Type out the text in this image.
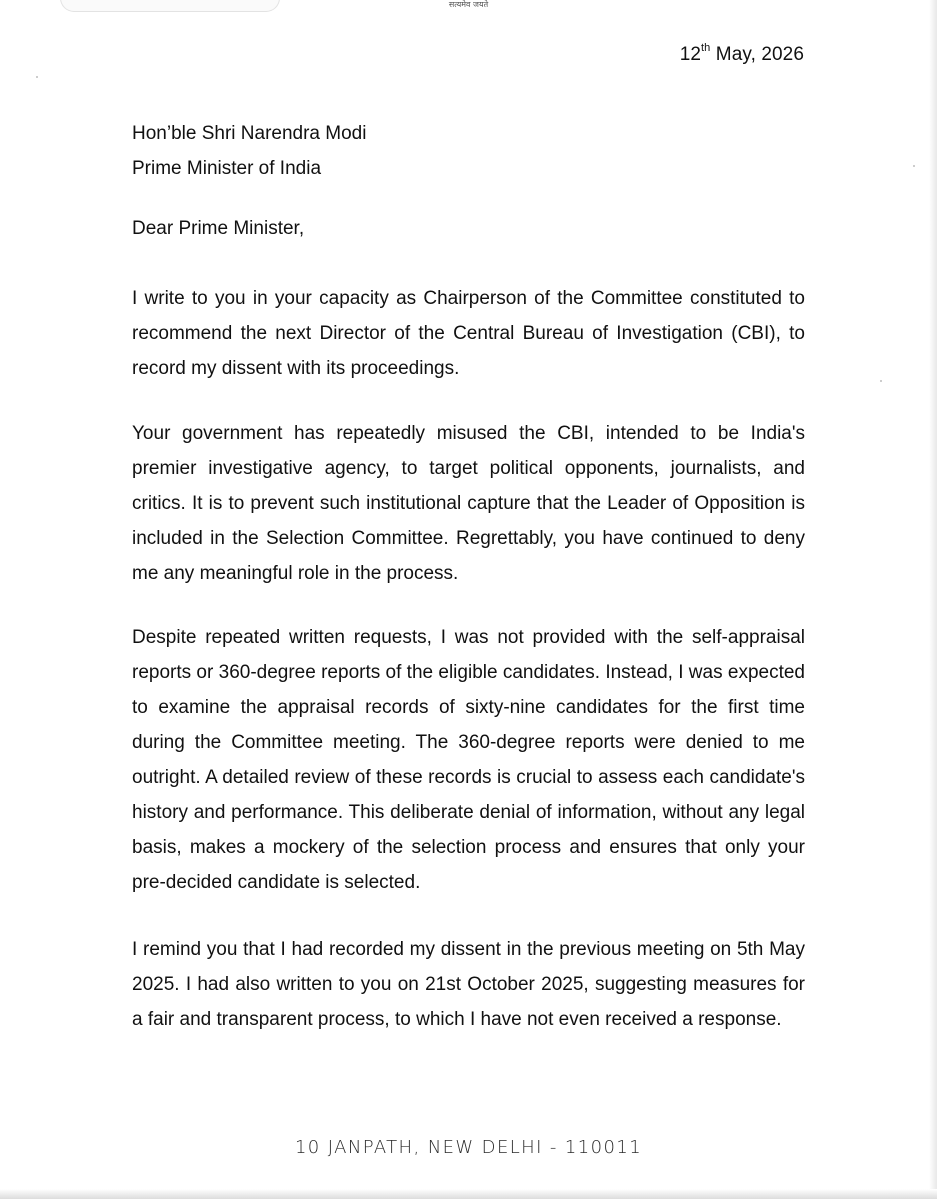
सत्यमेव जयते
12th May, 2026
Hon’ble Shri Narendra Modi
Prime Minister of India
Dear Prime Minister,
I write to you in your capacity as Chairperson of the Committee constituted to recommend the next Director of the Central Bureau of Investigation (CBI), to record my dissent with its proceedings.
Your government has repeatedly misused the CBI, intended to be India's premier investigative agency, to target political opponents, journalists, and critics. It is to prevent such institutional capture that the Leader of Opposition is included in the Selection Committee. Regrettably, you have continued to deny me any meaningful role in the process.
Despite repeated written requests, I was not provided with the self-appraisal reports or 360-degree reports of the eligible candidates. Instead, I was expected to examine the appraisal records of sixty-nine candidates for the first time during the Committee meeting. The 360-degree reports were denied to me outright. A detailed review of these records is crucial to assess each candidate's history and performance. This deliberate denial of information, without any legal basis, makes a mockery of the selection process and ensures that only your pre-decided candidate is selected.
I remind you that I had recorded my dissent in the previous meeting on 5th May 2025. I had also written to you on 21st October 2025, suggesting measures for a fair and transparent process, to which I have not even received a response.
10 JANPATH, NEW DELHI - 110011
